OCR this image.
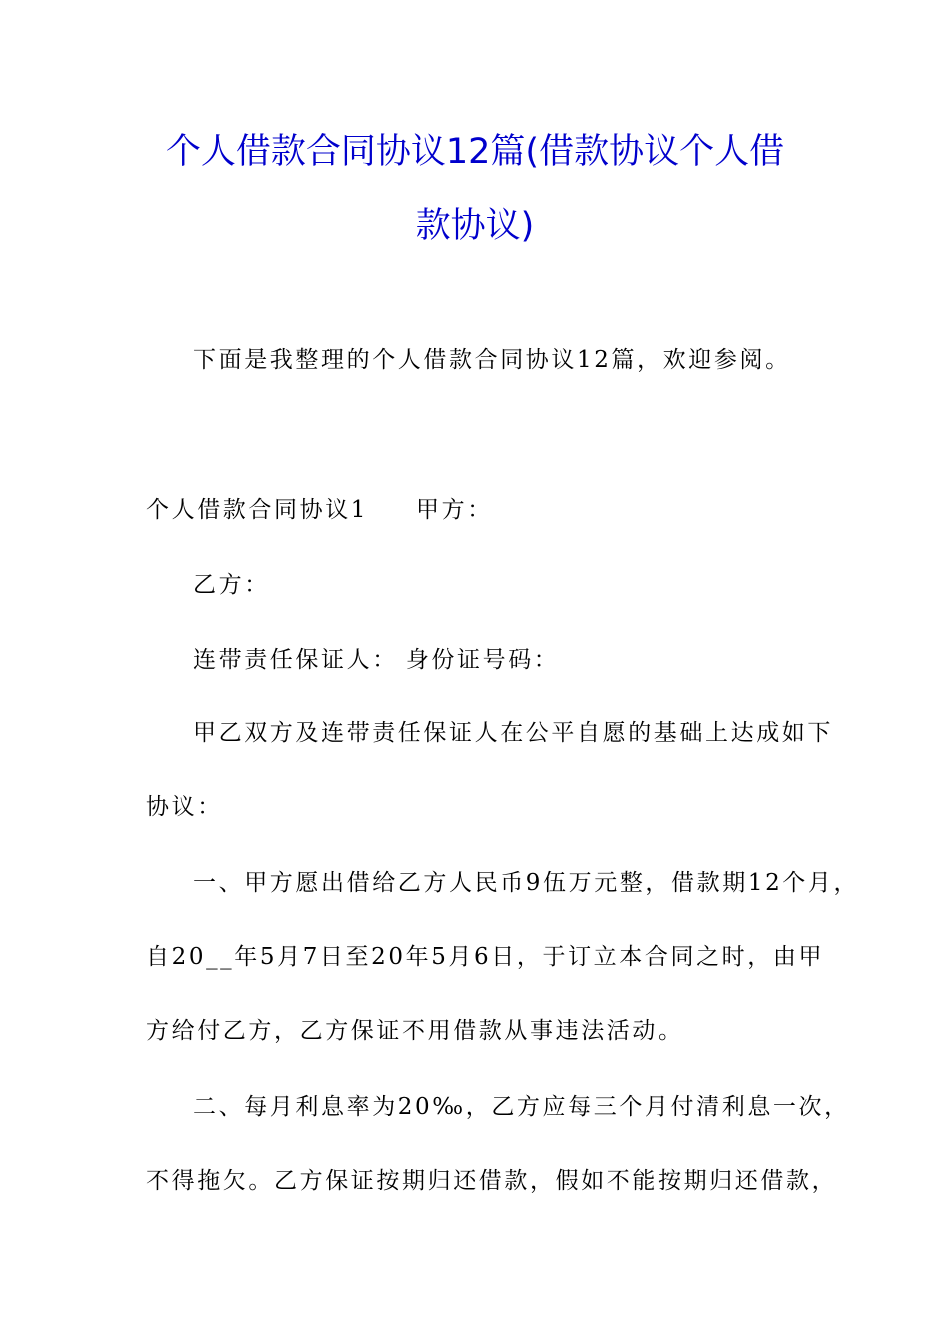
个人借款合同协议12篇(借款协议个人借
款协议)
下面是我整理的个人借款合同协议12篇，欢迎参阅。
个人借款合同协议1 甲方：
乙方：
连带责任保证人： 身份证号码：
甲乙双方及连带责任保证人在公平自愿的基础上达成如下
协议：
一、甲方愿出借给乙方人民币9伍万元整，借款期12个月，
自20__年5月7日至20年5月6日，于订立本合同之时，由甲
方给付乙方，乙方保证不用借款从事违法活动。
二、每月利息率为20‰，乙方应每三个月付清利息一次，
不得拖欠。乙方保证按期归还借款，假如不能按期归还借款，
